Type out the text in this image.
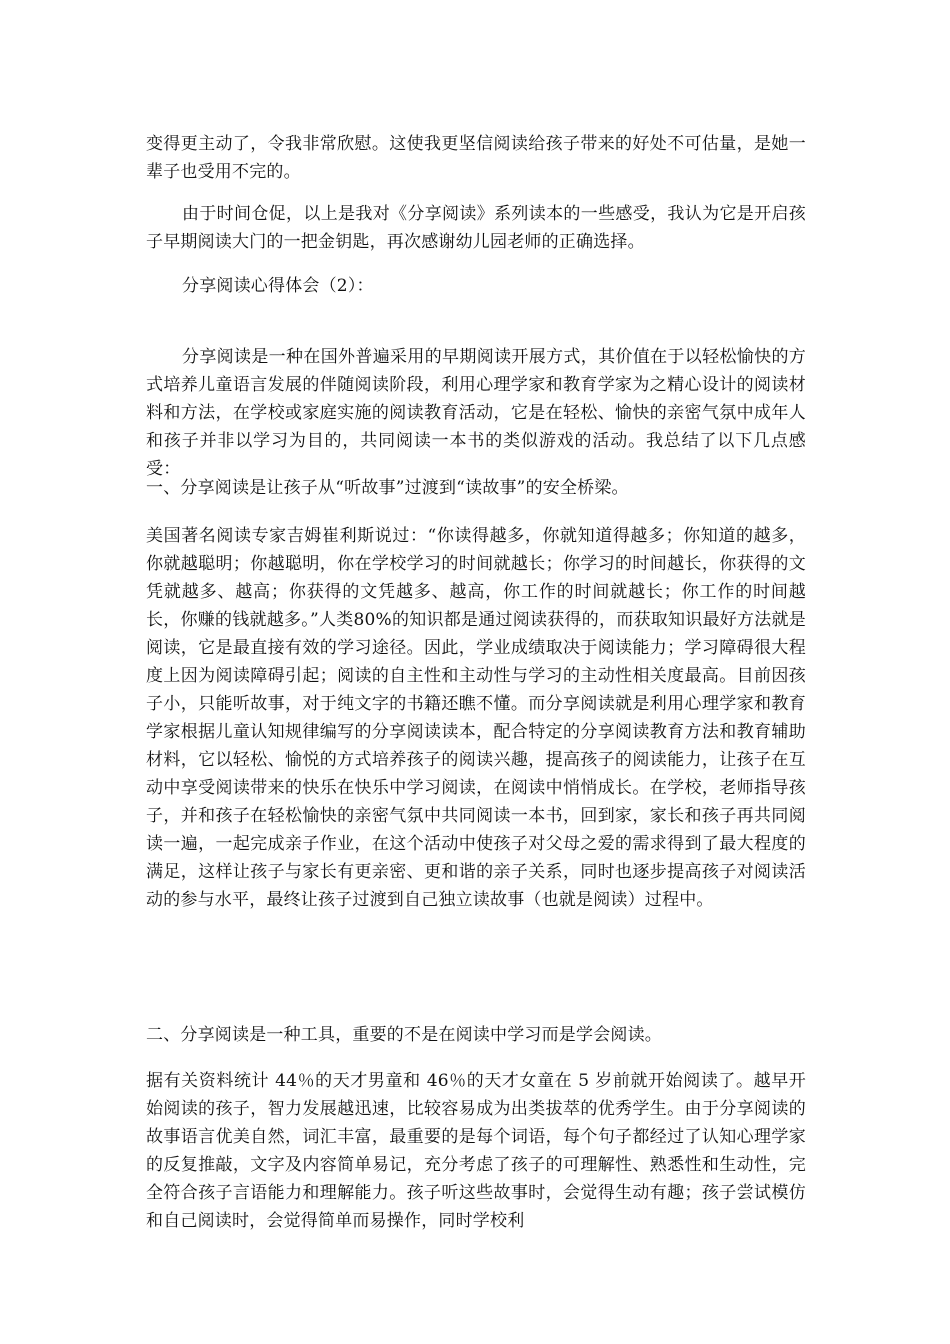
变得更主动了，令我非常欣慰。这使我更坚信阅读给孩子带来的好处不可估量，是她一辈子也受用不完的。
由于时间仓促，以上是我对《分享阅读》系列读本的一些感受，我认为它是开启孩子早期阅读大门的一把金钥匙，再次感谢幼儿园老师的正确选择。
分享阅读心得体会（2）：
分享阅读是一种在国外普遍采用的早期阅读开展方式，其价值在于以轻松愉快的方式培养儿童语言发展的伴随阅读阶段，利用心理学家和教育学家为之精心设计的阅读材料和方法，在学校或家庭实施的阅读教育活动，它是在轻松、愉快的亲密气氛中成年人和孩子并非以学习为目的，共同阅读一本书的类似游戏的活动。我总结了以下几点感受：
一、分享阅读是让孩子从“听故事”过渡到“读故事”的安全桥梁。
美国著名阅读专家吉姆崔利斯说过：“你读得越多，你就知道得越多；你知道的越多，你就越聪明；你越聪明，你在学校学习的时间就越长；你学习的时间越长，你获得的文凭就越多、越高；你获得的文凭越多、越高，你工作的时间就越长；你工作的时间越长，你赚的钱就越多。”人类80%的知识都是通过阅读获得的，而获取知识最好方法就是阅读，它是最直接有效的学习途径。因此，学业成绩取决于阅读能力；学习障碍很大程度上因为阅读障碍引起；阅读的自主性和主动性与学习的主动性相关度最高。目前因孩子小，只能听故事，对于纯文字的书籍还瞧不懂。而分享阅读就是利用心理学家和教育学家根据儿童认知规律编写的分享阅读读本，配合特定的分享阅读教育方法和教育辅助材料，它以轻松、愉悦的方式培养孩子的阅读兴趣，提高孩子的阅读能力，让孩子在互动中享受阅读带来的快乐在快乐中学习阅读，在阅读中悄悄成长。在学校，老师指导孩子，并和孩子在轻松愉快的亲密气氛中共同阅读一本书，回到家，家长和孩子再共同阅读一遍，一起完成亲子作业，在这个活动中使孩子对父母之爱的需求得到了最大程度的满足，这样让孩子与家长有更亲密、更和谐的亲子关系，同时也逐步提高孩子对阅读活动的参与水平，最终让孩子过渡到自己独立读故事（也就是阅读）过程中。
二、分享阅读是一种工具，重要的不是在阅读中学习而是学会阅读。
据有关资料统计 44％的天才男童和 46％的天才女童在 5 岁前就开始阅读了。越早开始阅读的孩子，智力发展越迅速，比较容易成为出类拔萃的优秀学生。由于分享阅读的故事语言优美自然，词汇丰富，最重要的是每个词语，每个句子都经过了认知心理学家的反复推敲，文字及内容简单易记，充分考虑了孩子的可理解性、熟悉性和生动性，完全符合孩子言语能力和理解能力。孩子听这些故事时，会觉得生动有趣；孩子尝试模仿和自己阅读时，会觉得简单而易操作，同时学校利
